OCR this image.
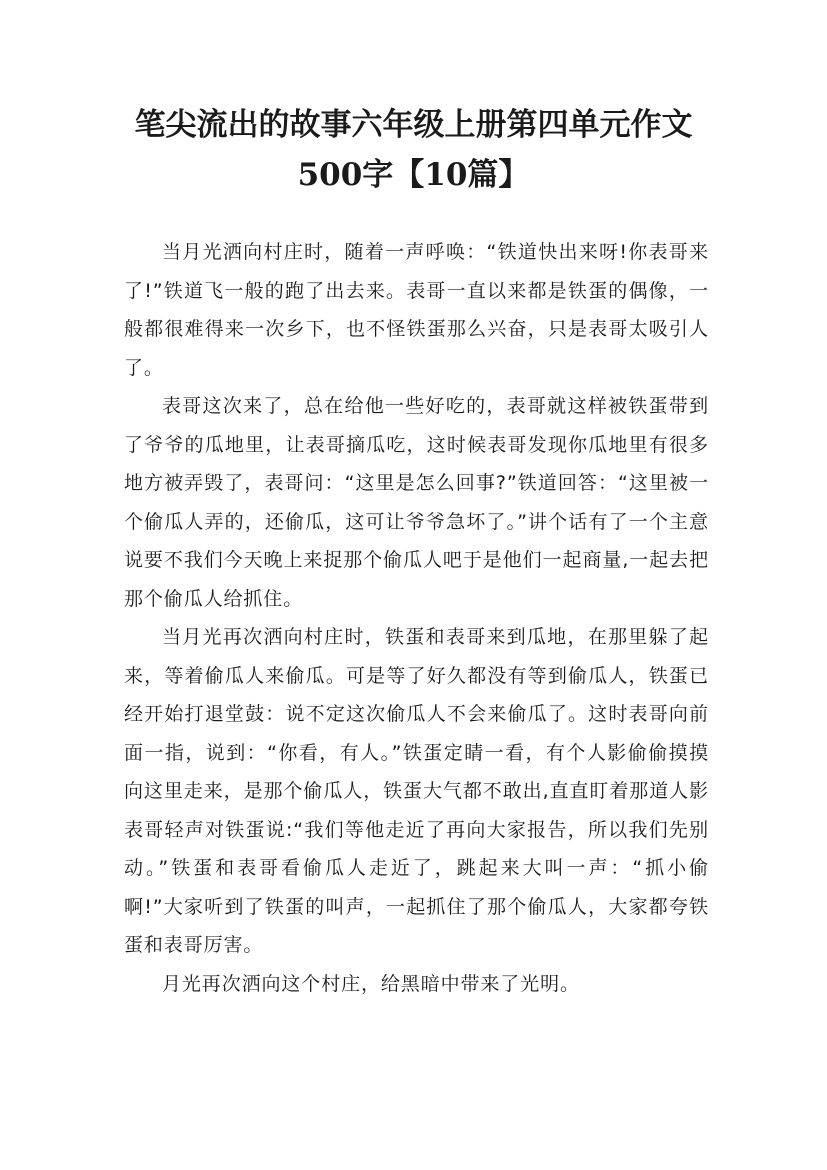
笔尖流出的故事六年级上册第四单元作文
500字【10篇】

当月光洒向村庄时，随着一声呼唤：“铁道快出来呀!你表哥来了!”铁道飞一般的跑了出去来。表哥一直以来都是铁蛋的偶像，一般都很难得来一次乡下，也不怪铁蛋那么兴奋，只是表哥太吸引人了。

表哥这次来了，总在给他一些好吃的，表哥就这样被铁蛋带到了爷爷的瓜地里，让表哥摘瓜吃，这时候表哥发现你瓜地里有很多地方被弄毁了，表哥问：“这里是怎么回事?”铁道回答：“这里被一个偷瓜人弄的，还偷瓜，这可让爷爷急坏了。”讲个话有了一个主意说要不我们今天晚上来捉那个偷瓜人吧于是他们一起商量,一起去把那个偷瓜人给抓住。

当月光再次洒向村庄时，铁蛋和表哥来到瓜地，在那里躲了起来，等着偷瓜人来偷瓜。可是等了好久都没有等到偷瓜人，铁蛋已经开始打退堂鼓：说不定这次偷瓜人不会来偷瓜了。这时表哥向前面一指，说到：“你看，有人。”铁蛋定睛一看，有个人影偷偷摸摸向这里走来，是那个偷瓜人，铁蛋大气都不敢出,直直盯着那道人影表哥轻声对铁蛋说:“我们等他走近了再向大家报告，所以我们先别动。”铁蛋和表哥看偷瓜人走近了，跳起来大叫一声：“抓小偷啊!”大家听到了铁蛋的叫声，一起抓住了那个偷瓜人，大家都夸铁蛋和表哥厉害。

月光再次洒向这个村庄，给黑暗中带来了光明。
